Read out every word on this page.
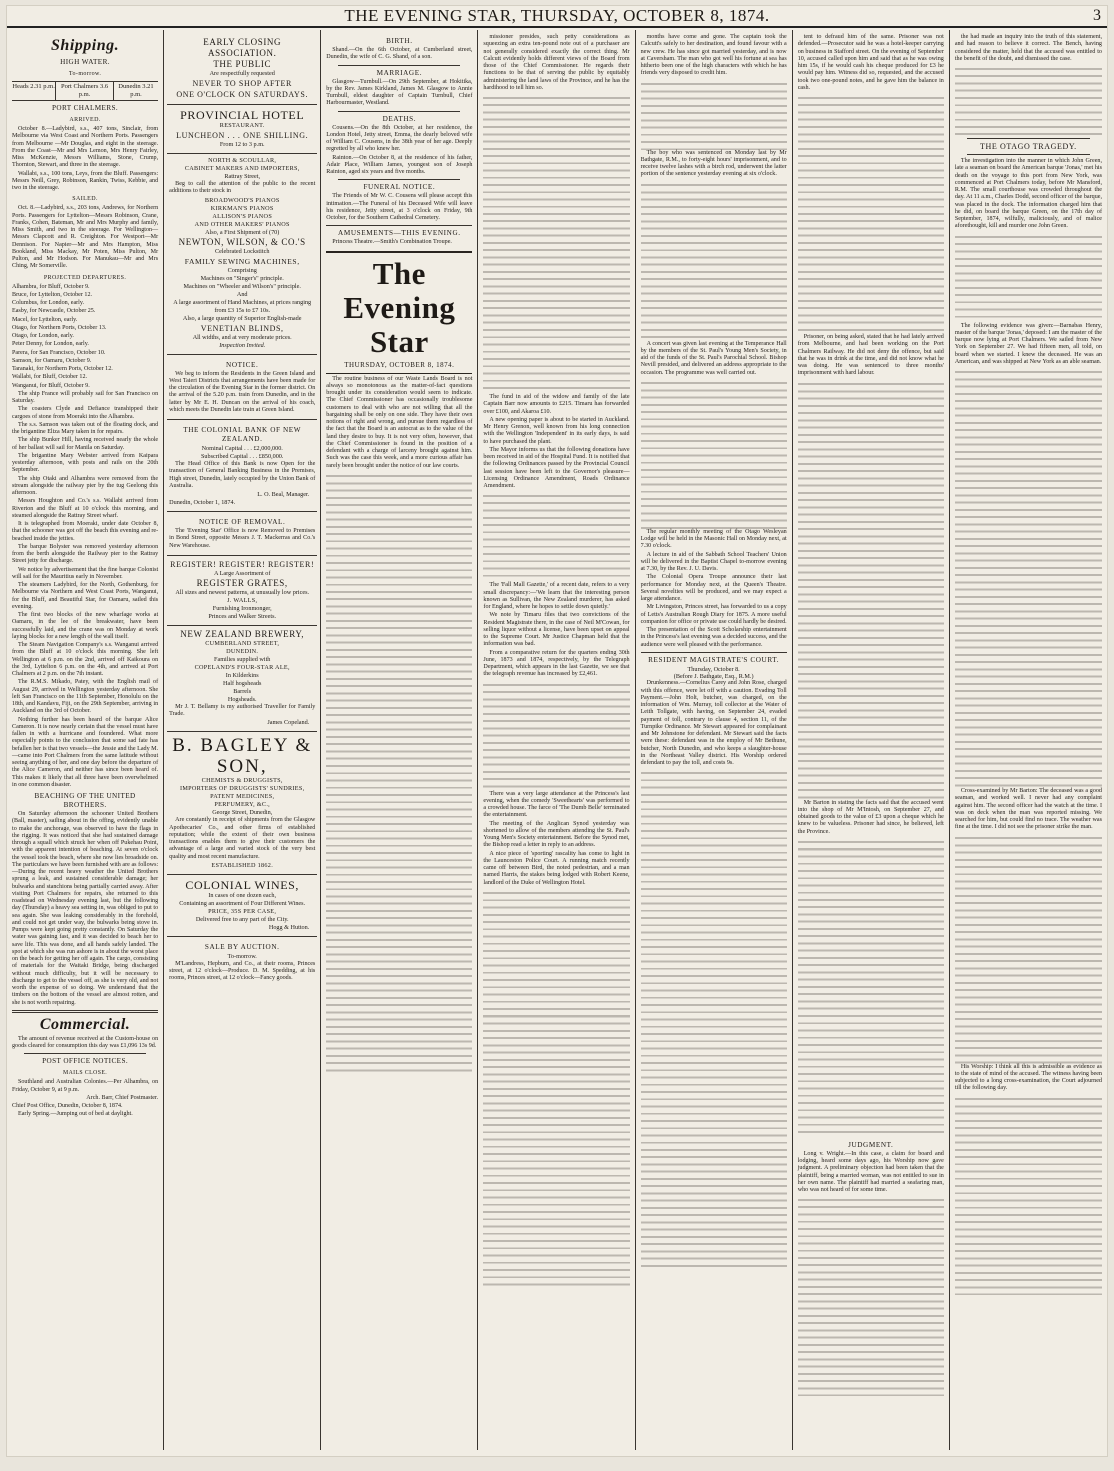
THE EVENING STAR, THURSDAY, OCTOBER 8, 1874.	3
Shipping.
HIGH WATER.
To-morrow.
Heads 2.31 p.m. Port Chalmers 3.6 p.m.
Dunedin 3.21 p.m.
PORT CHALMERS.
ARRIVED.

October 8.—Ladybird, s.s., 407 tons, Sinclair, from Melbourne via West Coast and Northern Ports. Passengers from Melbourne —Mr Douglas, and eight in the steerage. From the Coast—Mr and Mrs Lemon, Mrs Henry Fairley, Miss McKenzie, Messrs Williams, Stone, Crump, Thornton, Stewart, and three in the steerage.

Wallabi, s.s., 100 tons, Leys, from the Bluff. Passengers: Messrs Neill, Grey, Robinson, Rankin, Twiss, Kebbie, and two in the steerage.

SAILED.

Oct. 8.—Ladybird, s.s., 203 tons, Andrews, for Northern Ports. Passengers for Lyttelton—Messrs Robinson, Crane, Franks, Cohen, Bateman, Mr and Mrs Murphy and family, Miss Smith, and two in the steerage. For Wellington—Messrs Clapcott and R. Creighton. For Westport—Mr Dennison. For Napier—Mr and Mrs Hampton, Miss Bookland, Miss Mackay, Mr Poten, Miss Pulton, Mr Pulton, and Mr Hodson. For Manukau—Mr and Mrs Ching, Mr Somerville.

PROJECTED DEPARTURES.

Alhambra, for Bluff, October 9.

Bruce, for Lyttelton, October 12.

Columbus, for London, early.

Easby, for Newcastle, October 25.

Macel, for Lyttelton, early.

Otago, for Northern Ports, October 13.

Otago, for London, early.

Peter Denny, for London, early.

Parera, for San Francisco, October 10.

Samson, for Oamaru, October 9.

Taranaki, for Northern Ports, October 12.

Wallabi, for Bluff, October 12.

Wanganui, for Bluff, October 9.

The ship France will probably sail for San Francisco on Saturday.

The coasters Clyde and Defiance transhipped their cargoes of stone from Moeraki into the Alhambra.

The s.s. Samson was taken out of the floating dock, and the brigantine Eliza Mary taken in for repairs.

The ship Bunker Hill, having received nearly the whole of her ballast will sail for Manila on Saturday.

The brigantine Mary Webster arrived from Kaipara yesterday afternoon, with posts and rails on the 20th September.

The ship Otaki and Alhambra were removed from the stream alongside the railway pier by the tug Geelong this afternoon.

Messrs Houghton and Co.'s s.s. Wallabi arrived from Riverton and the Bluff at 10 o'clock this morning, and steamed alongside the Rattray Street wharf.

It is telegraphed from Moeraki, under date October 8, that the schooner was got off the beach this evening and re-beached inside the jetties.

The barque Bolyster was removed yesterday afternoon from the berth alongside the Railway pier to the Rattray Street jetty for discharge.

We notice by advertisement that the fine barque Colonist will sail for the Mauritius early in November.

The steamers Ladybird, for the North, Gothenburg, for Melbourne via Northern and West Coast Ports, Wanganui, for the Bluff, and Beautiful Star, for Oamaru, sailed this evening.

The first two blocks of the new wharfage works at Oamaru, in the lee of the breakwater, have been successfully laid, and the crane was on Monday at work laying blocks for a new length of the wall itself.

The Steam Navigation Company's s.s. Wanganui arrived from the Bluff at 10 o'clock this morning. She left Wellington at 6 p.m. on the 2nd, arrived off Kaikoura on the 3rd, Lyttelton 6 p.m. on the 4th, and arrived at Port Chalmers at 2 p.m. on the 7th instant.

The R.M.S. Mikado, Patey, with the English mail of August 29, arrived in Wellington yesterday afternoon. She left San Francisco on the 11th September, Honolulu on the 18th, and Kandavu, Fiji, on the 29th September, arriving in Auckland on the 3rd of October.

Nothing further has been heard of the barque Alice Cameron. It is now nearly certain that the vessel must have fallen in with a hurricane and foundered. What more especially points to the conclusion that some sad fate has befallen her is that two vessels—the Jessie and the Lady M.—came into Port Chalmers from the same latitude without seeing anything of her, and one day before the departure of the Alice Cameron, and neither has since been heard of. This makes it likely that all three have been overwhelmed in one common disaster.

BEACHING OF THE UNITED BROTHERS.

On Saturday afternoon the schooner United Brothers (Ball, master), sailing about in the offing, evidently unable to make the anchorage, was observed to have the flags in the rigging. It was noticed that she had sustained damage through a squall which struck her when off Pukehau Point, with the apparent intention of beaching. At seven o'clock the vessel took the beach, where she now lies broadside on. The particulars we have been furnished with are as follows:—During the recent heavy weather the United Brothers sprung a leak, and sustained considerable damage; her bulwarks and stanchions being partially carried away. After visiting Port Chalmers for repairs, she returned to this roadstead on Wednesday evening last, but the following day (Thursday) a heavy sea setting in, was obliged to put to sea again. She was leaking considerably in the forehold, and could not get under way, the bulwarks being stove in. Pumps were kept going pretty constantly. On Saturday the water was gaining fast, and it was decided to beach her to save life. This was done, and all hands safely landed. The spot at which she was run ashore is in about the worst place on the beach for getting her off again. The cargo, consisting of materials for the Waitaki Bridge, being discharged without much difficulty, but it will be necessary to discharge to get to the vessel off, as she is very old, and not worth the expense of so doing. We understand that the timbers on the bottom of the vessel are almost rotten, and she is not worth repairing.

Commercial.

The amount of revenue received at the Custom-house on goods cleared for consumption this day was £1,096 13s 9d.

POST OFFICE NOTICES.
MAILS CLOSE.

Southland and Australian Colonies.—Per Alhambra, on Friday, October 9, at 9 p.m.

Arch. Barr, Chief Postmaster.

Chief Post Office, Dunedin, October 8, 1874.

Early Spring.—Jumping out of bed at daylight.

EARLY CLOSING ASSOCIATION.
THE PUBLIC
Are respectfully requested
NEVER TO SHOP AFTER
ONE O'CLOCK ON SATURDAYS.
PROVINCIAL HOTEL
RESTAURANT.
LUNCHEON . . . ONE SHILLING.
From 12 to 3 p.m.
NORTH & SCOULLAR,
CABINET MAKERS AND IMPORTERS,
Rattray Street,

Beg to call the attention of the public to the recent additions to their stock in

BROADWOOD'S PIANOS
KIRKMAN'S PIANOS
ALLISON'S PIANOS
AND OTHER MAKERS' PIANOS
Also, a First Shipment of (70)
NEWTON, WILSON, & CO.'S
Celebrated Lockstitch
FAMILY SEWING MACHINES,
Comprising
Machines on "Singer's" principle.
Machines on "Wheeler and Wilson's" principle.
And
A large assortment of Hand Machines, at prices ranging from £3 15s to £7 10s.
Also, a large quantity of Superior English-made
VENETIAN BLINDS,
All widths, and at very moderate prices.
Inspection Invited.
NOTICE.

We beg to inform the Residents in the Green Island and West Taieri Districts that arrangements have been made for the circulation of the Evening Star in the former district. On the arrival of the 5.20 p.m. train from Dunedin, and in the latter by Mr E. H. Duncan on the arrival of his coach, which meets the Dunedin late train at Green Island.

THE COLONIAL BANK OF NEW ZEALAND.
Nominal Capital . . . £2,000,000.
Subscribed Capital . . . £850,000.

The Head Office of this Bank is now Open for the transaction of General Banking Business in the Premises, High street, Dunedin, lately occupied by the Union Bank of Australia.

L. O. Beal, Manager.
Dunedin, October 1, 1874.
NOTICE OF REMOVAL.

The 'Evening Star' Office is now Removed to Premises in Bond Street, opposite Messrs J. T. Mackerras and Co.'s New Warehouse.

REGISTER! REGISTER! REGISTER!
A Large Assortment of
REGISTER GRATES,
All sizes and newest patterns, at unusually low prices.
J. WALLS,
Furnishing Ironmonger,
Princes and Walker Streets.
NEW ZEALAND BREWERY,
CUMBERLAND STREET,
DUNEDIN.
Families supplied with
COPELAND'S FOUR-STAR ALE,
In Kilderkins
Half hogsheads
Barrels
Hogsheads.

Mr J. T. Bellamy is my authorised Traveller for Family Trade.

James Copeland.
B. BAGLEY & SON,
CHEMISTS & DRUGGISTS,
IMPORTERS OF DRUGGISTS' SUNDRIES, PATENT MEDICINES,
PERFUMERY, &C.,
George Street, Dunedin,

Are constantly in receipt of shipments from the Glasgow Apothecaries' Co., and other firms of established reputation; while the extent of their own business transactions enables them to give their customers the advantage of a large and varied stock of the very best quality and most recent manufacture.

ESTABLISHED 1862.
COLONIAL WINES,
In cases of one dozen each,
Containing an assortment of Four Different Wines.
PRICE, 35S PER CASE,
Delivered free to any part of the City.
Hogg & Hutton.
SALE BY AUCTION.
To-morrow.

M'Landress, Hepburn, and Co., at their rooms, Princes street, at 12 o'clock—Produce. D. M. Spedding, at his rooms, Princes street, at 12 o'clock—Fancy goods.

BIRTH.

Shand.—On the 6th October, at Cumberland street, Dunedin, the wife of C. G. Shand, of a son.

MARRIAGE.

Glasgow—Turnbull.—On 29th September, at Hokitika, by the Rev. James Kirkland, James M. Glasgow to Annie Turnbull, eldest daughter of Captain Turnbull, Chief Harbourmaster, Westland.

DEATHS.

Cousens.—On the 8th October, at her residence, the London Hotel, Jetty street, Emma, the dearly beloved wife of William C. Cousens, in the 38th year of her age. Deeply regretted by all who knew her.

Rainton.—On October 8, at the residence of his father, Adair Place, William James, youngest son of Joseph Rainton, aged six years and five months.

FUNERAL NOTICE.

The Friends of Mr W. C. Cousens will please accept this intimation.—The Funeral of his Deceased Wife will leave his residence, Jetty street, at 3 o'clock on Friday, 9th October, for the Southern Cathedral Cemetery.

AMUSEMENTS—THIS EVENING.

Princess Theatre.—Smith's Combination Troupe.

The Evening Star
THURSDAY, OCTOBER 8, 1874.

The routine business of our Waste Lands Board is not always so monotonous as the matter-of-fact questions brought under its consideration would seem to indicate. The Chief Commissioner has occasionally troublesome customers to deal with who are not willing that all the bargaining shall be only on one side. They have their own notions of right and wrong, and pursue them regardless of the fact that the Board is an autocrat as to the value of the land they desire to buy. It is not very often, however, that the Chief Commissioner is found in the position of a defendant with a charge of larceny brought against him. Such was the case this week, and a more curious affair has rarely been brought under the notice of our law courts.

missioner presides, such petty considerations as squeezing an extra ten-pound note out of a purchaser are not generally considered exactly the correct thing. Mr Calcutt evidently holds different views of the Board from those of the Chief Commissioner. He regards their functions to be that of serving the public by equitably administering the land laws of the Province, and he has the hardihood to tell him so.

The fund in aid of the widow and family of the late Captain Barr now amounts to £215. Timaru has forwarded over £100, and Akaroa £10.

A new opening paper is about to be started in Auckland. Mr Henry Grenon, well known from his long connection with the Wellington 'Independent' in its early days, is said to have purchased the plant.

The Mayor informs us that the following donations have been received in aid of the Hospital Fund. It is notified that the following Ordinances passed by the Provincial Council last session have been left to the Governor's pleasure—Licensing Ordinance Amendment, Roads Ordinance Amendment.

The 'Fall Mall Gazette,' of a recent date, refers to a very small discrepancy:—'We learn that the interesting person known as Sullivan, the New Zealand murderer, has asked for England, where he hopes to settle down quietly.'

We note by Timaru files that two convictions of the Resident Magistrate there, in the case of Neil M'Cowan, for selling liquor without a license, have been upset on appeal to the Supreme Court. Mr Justice Chapman held that the information was bad.

From a comparative return for the quarters ending 30th June, 1873 and 1874, respectively, by the Telegraph Department, which appears in the last Gazette, we see that the telegraph revenue has increased by £2,461.

There was a very large attendance at the Princess's last evening, when the comedy 'Sweethearts' was performed to a crowded house. The farce of 'The Dumb Belle' terminated the entertainment.

The meeting of the Anglican Synod yesterday was shortened to allow of the members attending the St. Paul's Young Men's Society entertainment. Before the Synod met, the Bishop read a letter in reply to an address.

A nice piece of 'sporting' rascality has come to light in the Launceston Police Court. A running match recently came off between Bird, the noted pedestrian, and a man named Harris, the stakes being lodged with Robert Keene, landlord of the Duke of Wellington Hotel.

months have come and gone. The captain took the Calcutt's safely to her destination, and found favour with a new crew. He has since got married yesterday, and is now at Caversham. The man who got well his fortune at sea has hitherto been one of the high characters with which he has friends very disposed to credit him.

The boy who was sentenced on Monday last by Mr Bathgate, R.M., to forty-eight hours' imprisonment, and to receive twelve lashes with a birch rod, underwent the latter portion of the sentence yesterday evening at six o'clock.

A concert was given last evening at the Temperance Hall by the members of the St. Paul's Young Men's Society, in aid of the funds of the St. Paul's Parochial School. Bishop Nevill presided, and delivered an address appropriate to the occasion. The programme was well carried out.

The regular monthly meeting of the Otago Wesleyan Lodge will be held in the Masonic Hall on Monday next, at 7.30 o'clock.

A lecture in aid of the Sabbath School Teachers' Union will be delivered in the Baptist Chapel to-morrow evening at 7.30, by the Rev. J. U. Davis.

The Colonial Opera Troupe announce their last performance for Monday next, at the Queen's Theatre. Several novelties will be produced, and we may expect a large attendance.

Mr Livingston, Princes street, has forwarded to us a copy of Letts's Australian Rough Diary for 1875. A more useful companion for office or private use could hardly be desired.

The presentation of the Scott Scholarship entertainment in the Princess's last evening was a decided success, and the audience were well pleased with the performance.

RESIDENT MAGISTRATE'S COURT.
Thursday, October 8.
(Before J. Bathgate, Esq., R.M.)

Drunkenness.—Cornelius Carey and John Rose, charged with this offence, were let off with a caution. Evading Toll Payment.—John Holt, butcher, was charged, on the information of Wm. Murray, toll collector at the Water of Leith Tollgate, with having, on September 24, evaded payment of toll, contrary to clause 4, section 11, of the Turnpike Ordinance. Mr Stewart appeared for complainant and Mr Johnstone for defendant. Mr Stewart said the facts were these: defendant was in the employ of Mr Bethune, butcher, North Dunedin, and who keeps a slaughter-house in the Northeast Valley district. His Worship ordered defendant to pay the toll, and costs 9s.

tent to defraud him of the same. Prisoner was not defended.—Prosecutor said he was a hotel-keeper carrying on business in Stafford street. On the evening of September 10, accused called upon him and said that as he was owing him 15s, if he would cash his cheque produced for £3 he would pay him. Witness did so, requested, and the accused took two one-pound notes, and he gave him the balance in cash.

Prisoner, on being asked, stated that he had lately arrived from Melbourne, and had been working on the Port Chalmers Railway. He did not deny the offence, but said that he was in drink at the time, and did not know what he was doing. He was sentenced to three months' imprisonment with hard labour.

Mr Barton in stating the facts said that the accused went into the shop of Mr M'Intosh, on September 27, and obtained goods to the value of £3 upon a cheque which he knew to be valueless. Prisoner had since, he believed, left the Province.

JUDGMENT.

Long v. Wright.—In this case, a claim for board and lodging, heard some days ago, his Worship now gave judgment. A preliminary objection had been taken that the plaintiff, being a married woman, was not entitled to sue in her own name. The plaintiff had married a seafaring man, who was not heard of for some time.

the had made an inquiry into the truth of this statement, and had reason to believe it correct. The Bench, having considered the matter, held that the accused was entitled to the benefit of the doubt, and dismissed the case.

THE OTAGO TRAGEDY.

The investigation into the manner in which John Green, late a seaman on board the American barque 'Jonas,' met his death on the voyage to this port from New York, was commenced at Port Chalmers today, before Mr Mansford, R.M. The small courthouse was crowded throughout the day. At 11 a.m., Charles Dodd, second officer of the barque, was placed in the dock. The information charged him that he did, on board the barque Green, on the 17th day of September, 1874, wilfully, maliciously, and of malice aforethought, kill and murder one John Green.

The following evidence was given:—Barnabas Henry, master of the barque 'Jonas,' deposed: I am the master of the barque now lying at Port Chalmers. We sailed from New York on September 27. We had fifteen men, all told, on board when we started. I knew the deceased. He was an American, and was shipped at New York as an able seaman.

Cross-examined by Mr Barton: The deceased was a good seaman, and worked well. I never had any complaint against him. The second officer had the watch at the time. I was on deck when the man was reported missing. We searched for him, but could find no trace. The weather was fine at the time. I did not see the prisoner strike the man.

His Worship: I think all this is admissible as evidence as to the state of mind of the accused. The witness having been subjected to a long cross-examination, the Court adjourned till the following day.
